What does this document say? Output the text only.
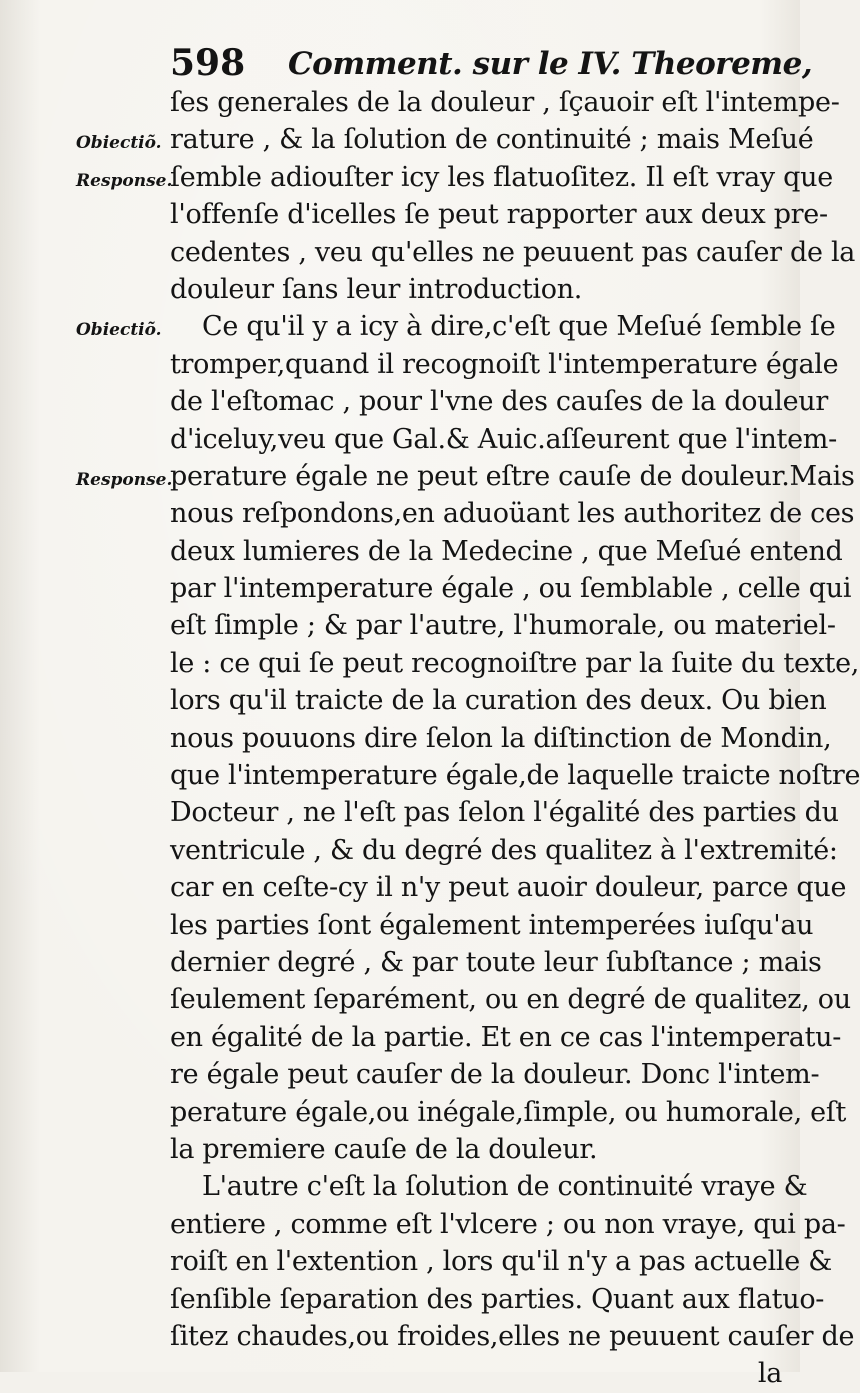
598 Comment. sur le IV. Theoreme,
Obiectiõ.
Response.
Obiectiõ.
Response.
ſes generales de la douleur , ſçauoir eſt l'intempe-
rature , & la ſolution de continuité ; mais Meſué
ſemble adiouſter icy les flatuoſitez. Il eſt vray que
l'offenſe d'icelles ſe peut rapporter aux deux pre-
cedentes , veu qu'elles ne peuuent pas cauſer de la
douleur ſans leur introduction.
Ce qu'il y a icy à dire,c'eſt que Meſué ſemble ſe
tromper,quand il recognoiſt l'intemperature égale
de l'eſtomac , pour l'vne des cauſes de la douleur
d'iceluy,veu que Gal.& Auic.aſſeurent que l'intem-
perature égale ne peut eſtre cauſe de douleur.Mais
nous reſpondons,en aduoüant les authoritez de ces
deux lumieres de la Medecine , que Meſué entend
par l'intemperature égale , ou ſemblable , celle qui
eſt ſimple ; & par l'autre, l'humorale, ou materiel-
le : ce qui ſe peut recognoiſtre par la ſuite du texte,
lors qu'il traicte de la curation des deux. Ou bien
nous pouuons dire ſelon la diſtinction de Mondin,
que l'intemperature égale,de laquelle traicte noſtre
Docteur , ne l'eſt pas ſelon l'égalité des parties du
ventricule , & du degré des qualitez à l'extremité:
car en ceſte-cy il n'y peut auoir douleur, parce que
les parties ſont également intemperées iuſqu'au
dernier degré , & par toute leur ſubſtance ; mais
ſeulement ſeparément, ou en degré de qualitez, ou
en égalité de la partie. Et en ce cas l'intemperatu-
re égale peut cauſer de la douleur. Donc l'intem-
perature égale,ou inégale,ſimple, ou humorale, eſt
la premiere cauſe de la douleur.
L'autre c'eſt la ſolution de continuité vraye &
entiere , comme eſt l'vlcere ; ou non vraye, qui pa-
roiſt en l'extention , lors qu'il n'y a pas actuelle &
ſenſible ſeparation des parties. Quant aux flatuo-
ſitez chaudes,ou froides,elles ne peuuent cauſer de
la
